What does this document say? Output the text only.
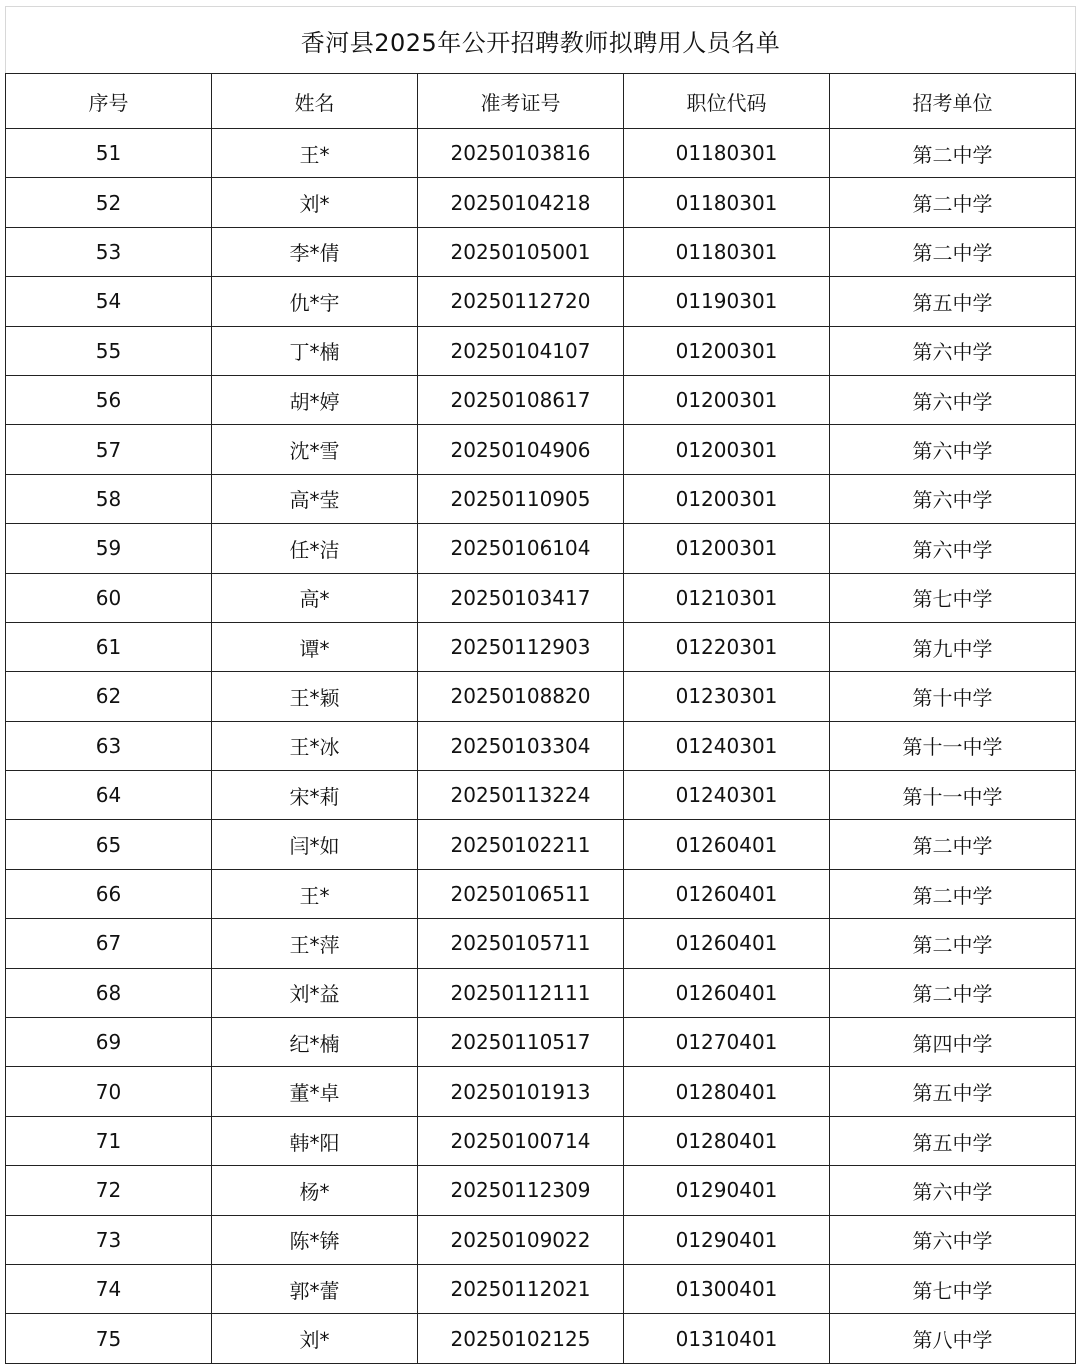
香河县2025年公开招聘教师拟聘用人员名单				
序号	姓名	准考证号	职位代码	招考单位
51	王*	20250103816	01180301	第二中学
52	刘*	20250104218	01180301	第二中学
53	李*倩	20250105001	01180301	第二中学
54	仇*宇	20250112720	01190301	第五中学
55	丁*楠	20250104107	01200301	第六中学
56	胡*婷	20250108617	01200301	第六中学
57	沈*雪	20250104906	01200301	第六中学
58	高*莹	20250110905	01200301	第六中学
59	任*洁	20250106104	01200301	第六中学
60	高*	20250103417	01210301	第七中学
61	谭*	20250112903	01220301	第九中学
62	王*颖	20250108820	01230301	第十中学
63	王*冰	20250103304	01240301	第十一中学
64	宋*莉	20250113224	01240301	第十一中学
65	闫*如	20250102211	01260401	第二中学
66	王*	20250106511	01260401	第二中学
67	王*萍	20250105711	01260401	第二中学
68	刘*益	20250112111	01260401	第二中学
69	纪*楠	20250110517	01270401	第四中学
70	董*卓	20250101913	01280401	第五中学
71	韩*阳	20250100714	01280401	第五中学
72	杨*	20250112309	01290401	第六中学
73	陈*锛	20250109022	01290401	第六中学
74	郭*蕾	20250112021	01300401	第七中学
75	刘*	20250102125	01310401	第八中学
